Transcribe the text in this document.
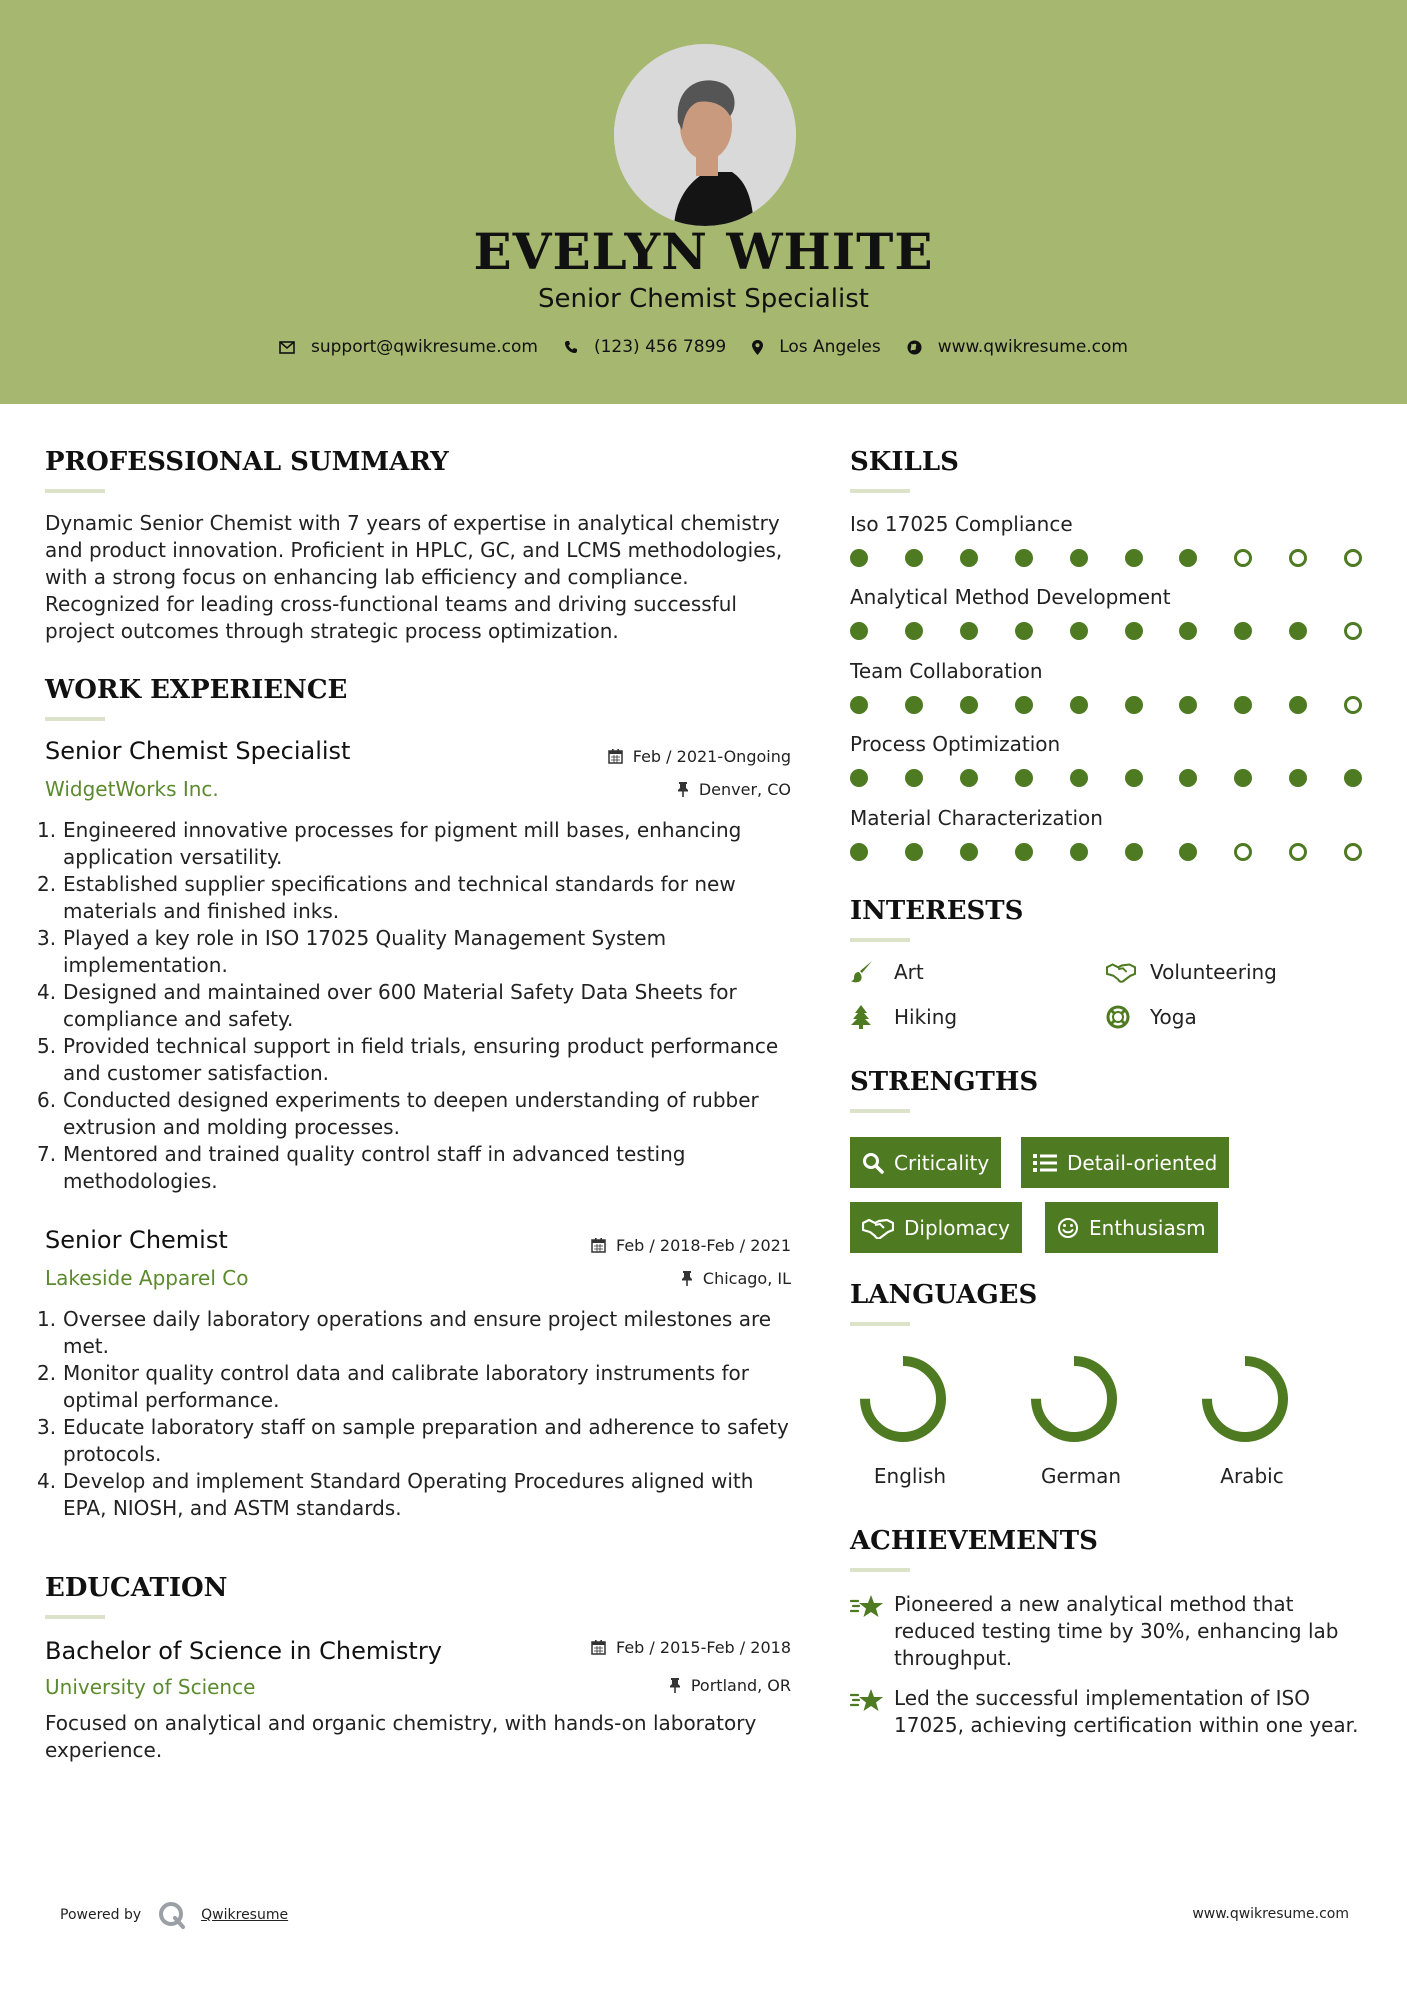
EVELYN WHITE
Senior Chemist Specialist
support@qwikresume.com	(123) 456 7899	Los Angeles	www.qwikresume.com
PROFESSIONAL SUMMARY
Dynamic Senior Chemist with 7 years of expertise in analytical chemistry and product innovation. Proficient in HPLC, GC, and LCMS methodologies, with a strong focus on enhancing lab efficiency and compliance. Recognized for leading cross-functional teams and driving successful project outcomes through strategic process optimization.
WORK EXPERIENCE
Senior Chemist Specialist	Feb / 2021-Ongoing
WidgetWorks Inc.	Denver, CO
Engineered innovative processes for pigment mill bases, enhancing application versatility.
Established supplier specifications and technical standards for new materials and finished inks.
Played a key role in ISO 17025 Quality Management System implementation.
Designed and maintained over 600 Material Safety Data Sheets for compliance and safety.
Provided technical support in field trials, ensuring product performance and customer satisfaction.
Conducted designed experiments to deepen understanding of rubber extrusion and molding processes.
Mentored and trained quality control staff in advanced testing methodologies.
Senior Chemist	Feb / 2018-Feb / 2021
Lakeside Apparel Co	Chicago, IL
Oversee daily laboratory operations and ensure project milestones are met.
Monitor quality control data and calibrate laboratory instruments for optimal performance.
Educate laboratory staff on sample preparation and adherence to safety protocols.
Develop and implement Standard Operating Procedures aligned with EPA, NIOSH, and ASTM standards.
EDUCATION
Bachelor of Science in Chemistry	Feb / 2015-Feb / 2018
University of Science	Portland, OR
Focused on analytical and organic chemistry, with hands-on laboratory experience.
SKILLS
Iso 17025 Compliance
Analytical Method Development
Team Collaboration
Process Optimization
Material Characterization
INTERESTS
Art	Volunteering
Hiking	Yoga
STRENGTHS
Criticality	Detail-oriented
Diplomacy	Enthusiasm
LANGUAGES
English	German	Arabic
ACHIEVEMENTS
Pioneered a new analytical method that reduced testing time by 30%, enhancing lab throughput.
Led the successful implementation of ISO 17025, achieving certification within one year.
Powered by	Qwikresume	www.qwikresume.com
